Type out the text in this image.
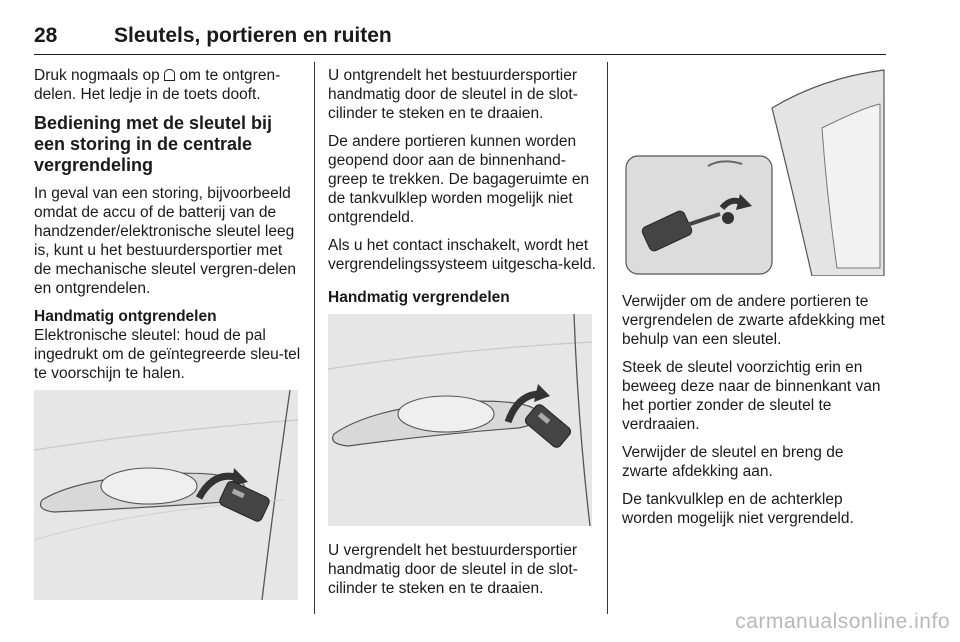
28	Sleutels, portieren en ruiten

Druk nogmaals op om te ontgren-delen. Het ledje in de toets dooft.

Bediening met de sleutel bij een storing in de centrale vergrendeling

In geval van een storing, bijvoorbeeld omdat de accu of de batterij van de handzender/elektronische sleutel leeg is, kunt u het bestuurdersportier met de mechanische sleutel vergren-delen en ontgrendelen.

Handmatig ontgrendelen

Elektronische sleutel: houd de pal ingedrukt om de geïntegreerde sleu-tel te voorschijn te halen.

U ontgrendelt het bestuurdersportier handmatig door de sleutel in de slot-cilinder te steken en te draaien.

De andere portieren kunnen worden geopend door aan de binnenhand-greep te trekken. De bagageruimte en de tankvulklep worden mogelijk niet ontgrendeld.

Als u het contact inschakelt, wordt het vergrendelingssysteem uitgescha-keld.

Handmatig vergrendelen

U vergrendelt het bestuurdersportier handmatig door de sleutel in de slot-cilinder te steken en te draaien.

Verwijder om de andere portieren te vergrendelen de zwarte afdekking met behulp van een sleutel.

Steek de sleutel voorzichtig erin en beweeg deze naar de binnenkant van het portier zonder de sleutel te verdraaien.

Verwijder de sleutel en breng de zwarte afdekking aan.

De tankvulklep en de achterklep worden mogelijk niet vergrendeld.

carmanualsonline.info
